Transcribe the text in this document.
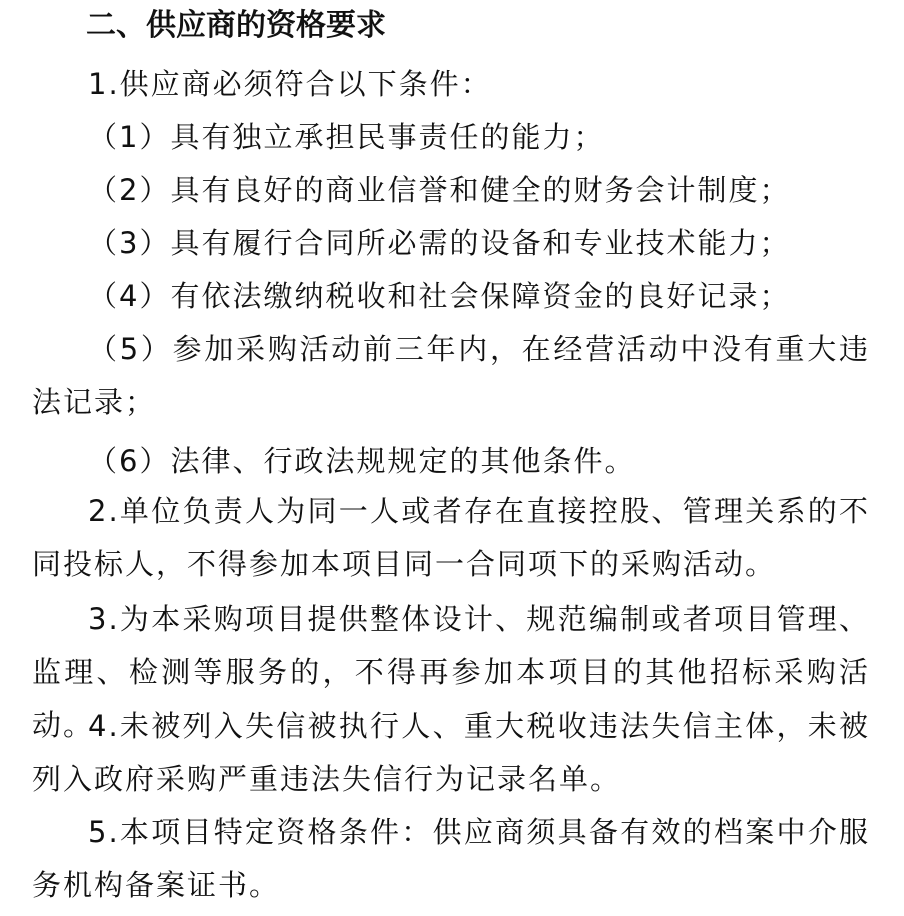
二、供应商的资格要求

1.供应商必须符合以下条件：

（1）具有独立承担民事责任的能力；

（2）具有良好的商业信誉和健全的财务会计制度；

（3）具有履行合同所必需的设备和专业技术能力；

（4）有依法缴纳税收和社会保障资金的良好记录；

（5）参加采购活动前三年内，在经营活动中没有重大违法记录；

（6）法律、行政法规规定的其他条件。

2.单位负责人为同一人或者存在直接控股、管理关系的不同投标人，不得参加本项目同一合同项下的采购活动。

3.为本采购项目提供整体设计、规范编制或者项目管理、监理、检测等服务的，不得再参加本项目的其他招标采购活动。

4.未被列入失信被执行人、重大税收违法失信主体，未被列入政府采购严重违法失信行为记录名单。

5.本项目特定资格条件：供应商须具备有效的档案中介服务机构备案证书。
